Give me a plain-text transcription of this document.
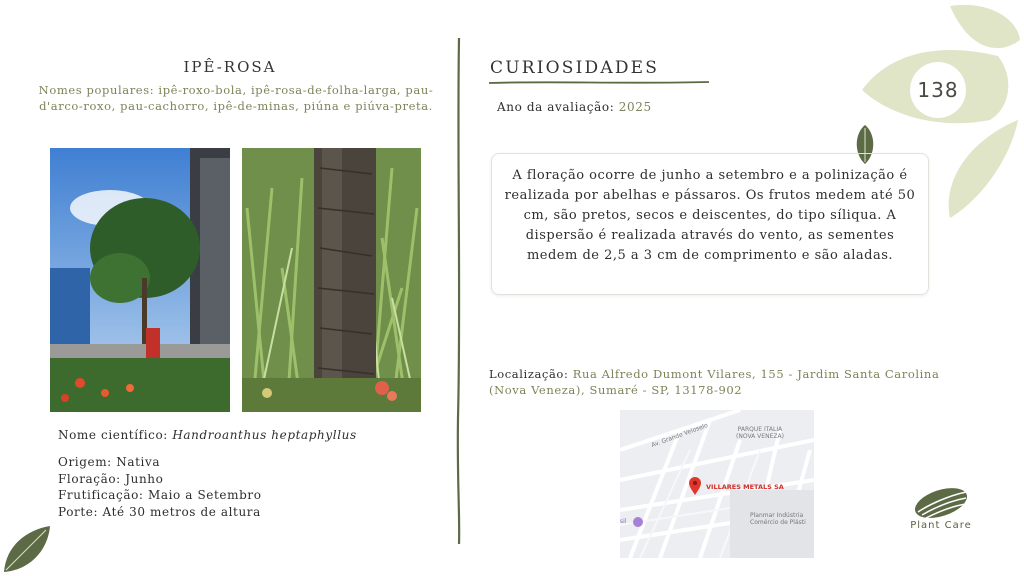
138
IPÊ-ROSA
Nomes populares: ipê-roxo-bola, ipê-rosa-de-folha-larga, pau-d'arco-roxo, pau-cachorro, ipê-de-minas, piúna e piúva-preta.
Nome científico: Handroanthus heptaphyllus
Origem: Nativa
Floração: Junho
Frutificação: Maio a Setembro
Porte: Até 30 metros de altura
CURIOSIDADES
Ano da avaliação: 2025

A floração ocorre de junho a setembro e a polinização é realizada por abelhas e pássaros. Os frutos medem até 50 cm, são pretos, secos e deiscentes, do tipo síliqua. A dispersão é realizada através do vento, as sementes medem de 2,5 a 3 cm de comprimento e são aladas.

Localização: Rua Alfredo Dumont Vilares, 155 - Jardim Santa Carolina (Nova Veneza), Sumaré - SP, 13178-902
Av. Grande Veloselo	PARQUE ITALIA
(NOVA VENEZA)
VILLARES METALS SA
Planmar Indústria
Comércio de Plásti
sil	Plant Care
